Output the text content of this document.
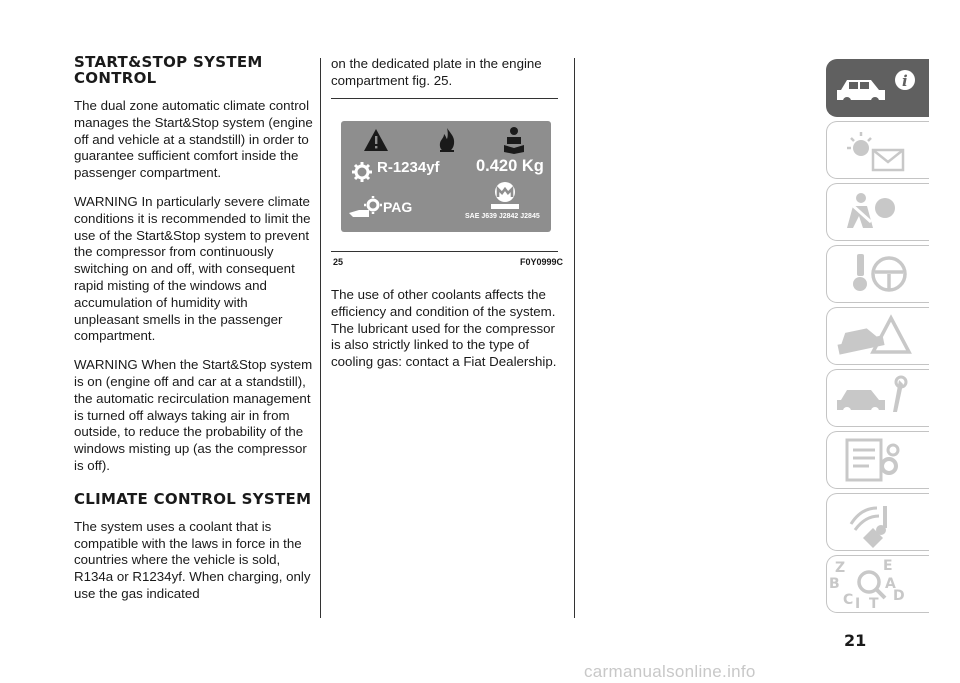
START&STOP SYSTEM CONTROL

The dual zone automatic climate control manages the Start&Stop system (engine off and vehicle at a standstill) in order to guarantee sufficient comfort inside the passenger compartment.

WARNING In particularly severe climate conditions it is recommended to limit the use of the Start&Stop system to prevent the compressor from continuously switching on and off, with consequent rapid misting of the windows and accumulation of humidity with unpleasant smells in the passenger compartment.

WARNING When the Start&Stop system is on (engine off and car at a standstill), the automatic recirculation management is turned off always taking air in from outside, to reduce the probability of the windows misting up (as the compressor is off).

CLIMATE CONTROL SYSTEM

The system uses a coolant that is compatible with the laws in force in the countries where the vehicle is sold, R134a or R1234yf. When charging, only use the gas indicated

on the dedicated plate in the engine compartment fig. 25.

R-1234yf 0.420 Kg
PAG
SAE J639 J2842 J2845
25	F0Y0999C

The use of other coolants affects the efficiency and condition of the system. The lubricant used for the compressor is also strictly linked to the type of cooling gas: contact a Fiat Dealership.

i
Z	E
B	A
C	D
I T
21
carmanualsonline.info
